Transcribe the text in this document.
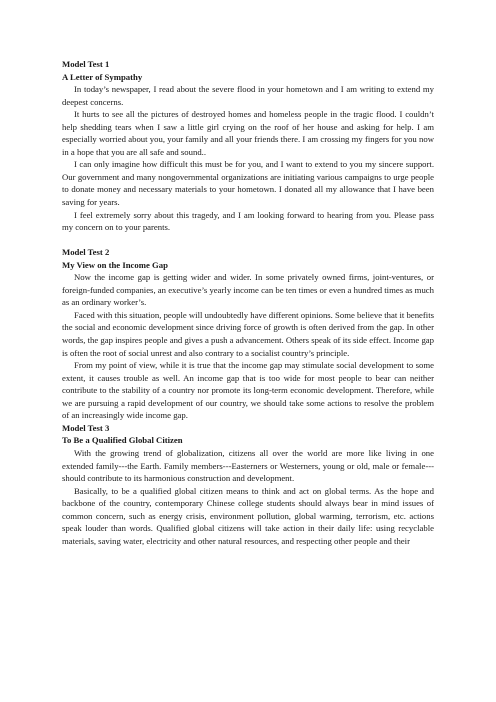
Model Test 1
A Letter of Sympathy

In today’s newspaper, I read about the severe flood in your hometown and I am writing to extend my deepest concerns.

It hurts to see all the pictures of destroyed homes and homeless people in the tragic flood. I couldn’t help shedding tears when I saw a little girl crying on the roof of her house and asking for help. I am especially worried about you, your family and all your friends there. I am crossing my fingers for you now in a hope that you are all safe and sound..

I can only imagine how difficult this must be for you, and I want to extend to you my sincere support. Our government and many nongovernmental organizations are initiating various campaigns to urge people to donate money and necessary materials to your hometown. I donated all my allowance that I have been saving for years.

I feel extremely sorry about this tragedy, and I am looking forward to hearing from you. Please pass my concern on to your parents.

Model Test 2
My View on the Income Gap

Now the income gap is getting wider and wider. In some privately owned firms, joint-ventures, or foreign-funded companies, an executive’s yearly income can be ten times or even a hundred times as much as an ordinary worker’s.

Faced with this situation, people will undoubtedly have different opinions. Some believe that it benefits the social and economic development since driving force of growth is often derived from the gap. In other words, the gap inspires people and gives a push a advancement. Others speak of its side effect. Income gap is often the root of social unrest and also contrary to a socialist country’s principle.

From my point of view, while it is true that the income gap may stimulate social development to some extent, it causes trouble as well. An income gap that is too wide for most people to bear can neither contribute to the stability of a country nor promote its long-term economic development. Therefore, while we are pursuing a rapid development of our country, we should take some actions to resolve the problem of an increasingly wide income gap.

Model Test 3
To Be a Qualified Global Citizen

With the growing trend of globalization, citizens all over the world are more like living in one extended family---the Earth. Family members---Easterners or Westerners, young or old, male or female---should contribute to its harmonious construction and development.

Basically, to be a qualified global citizen means to think and act on global terms. As the hope and backbone of the country, contemporary Chinese college students should always bear in mind issues of common concern, such as energy crisis, environment pollution, global warming, terrorism, etc. actions speak louder than words. Qualified global citizens will take action in their daily life: using recyclable materials, saving water, electricity and other natural resources, and respecting other people and their
